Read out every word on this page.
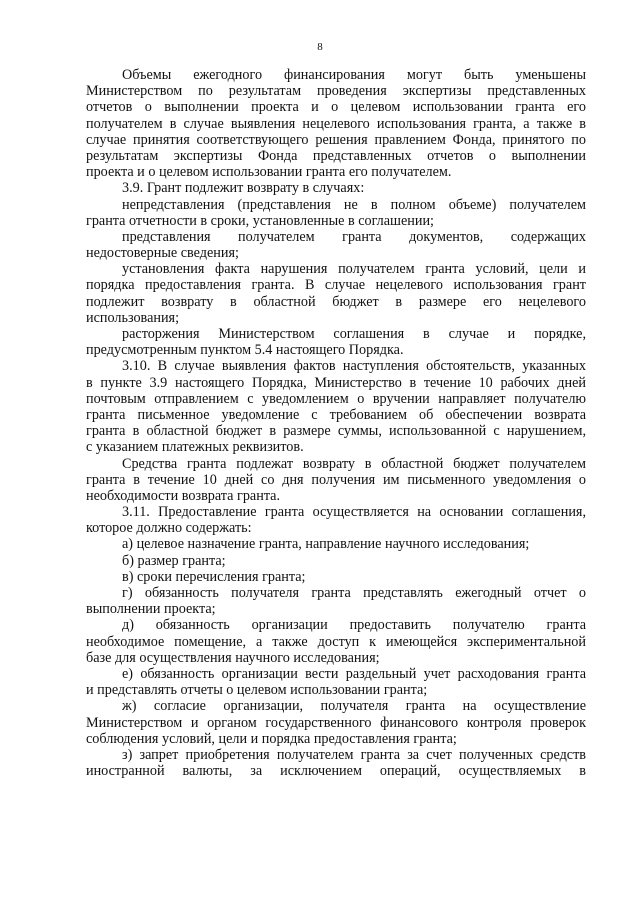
8
Объемы ежегодного финансирования могут быть уменьшены
Министерством по результатам проведения экспертизы представленных
отчетов о выполнении проекта и о целевом использовании гранта его
получателем в случае выявления нецелевого использования гранта, а также в
случае принятия соответствующего решения правлением Фонда, принятого по
результатам экспертизы Фонда представленных отчетов о выполнении
проекта и о целевом использовании гранта его получателем.
3.9. Грант подлежит возврату в случаях:
непредставления (представления не в полном объеме) получателем
гранта отчетности в сроки, установленные в соглашении;
представления получателем гранта документов, содержащих
недостоверные сведения;
установления факта нарушения получателем гранта условий, цели и
порядка предоставления гранта. В случае нецелевого использования грант
подлежит возврату в областной бюджет в размере его нецелевого
использования;
расторжения Министерством соглашения в случае и порядке,
предусмотренным пунктом 5.4 настоящего Порядка.
3.10. В случае выявления фактов наступления обстоятельств, указанных
в пункте 3.9 настоящего Порядка, Министерство в течение 10 рабочих дней
почтовым отправлением с уведомлением о вручении направляет получателю
гранта письменное уведомление с требованием об обеспечении возврата
гранта в областной бюджет в размере суммы, использованной с нарушением,
с указанием платежных реквизитов.
Средства гранта подлежат возврату в областной бюджет получателем
гранта в течение 10 дней со дня получения им письменного уведомления о
необходимости возврата гранта.
3.11. Предоставление гранта осуществляется на основании соглашения,
которое должно содержать:
а) целевое назначение гранта, направление научного исследования;
б) размер гранта;
в) сроки перечисления гранта;
г) обязанность получателя гранта представлять ежегодный отчет о
выполнении проекта;
д) обязанность организации предоставить получателю гранта
необходимое помещение, а также доступ к имеющейся экспериментальной
базе для осуществления научного исследования;
е) обязанность организации вести раздельный учет расходования гранта
и представлять отчеты о целевом использовании гранта;
ж) согласие организации, получателя гранта на осуществление
Министерством и органом государственного финансового контроля проверок
соблюдения условий, цели и порядка предоставления гранта;
з) запрет приобретения получателем гранта за счет полученных средств
иностранной валюты, за исключением операций, осуществляемых в
